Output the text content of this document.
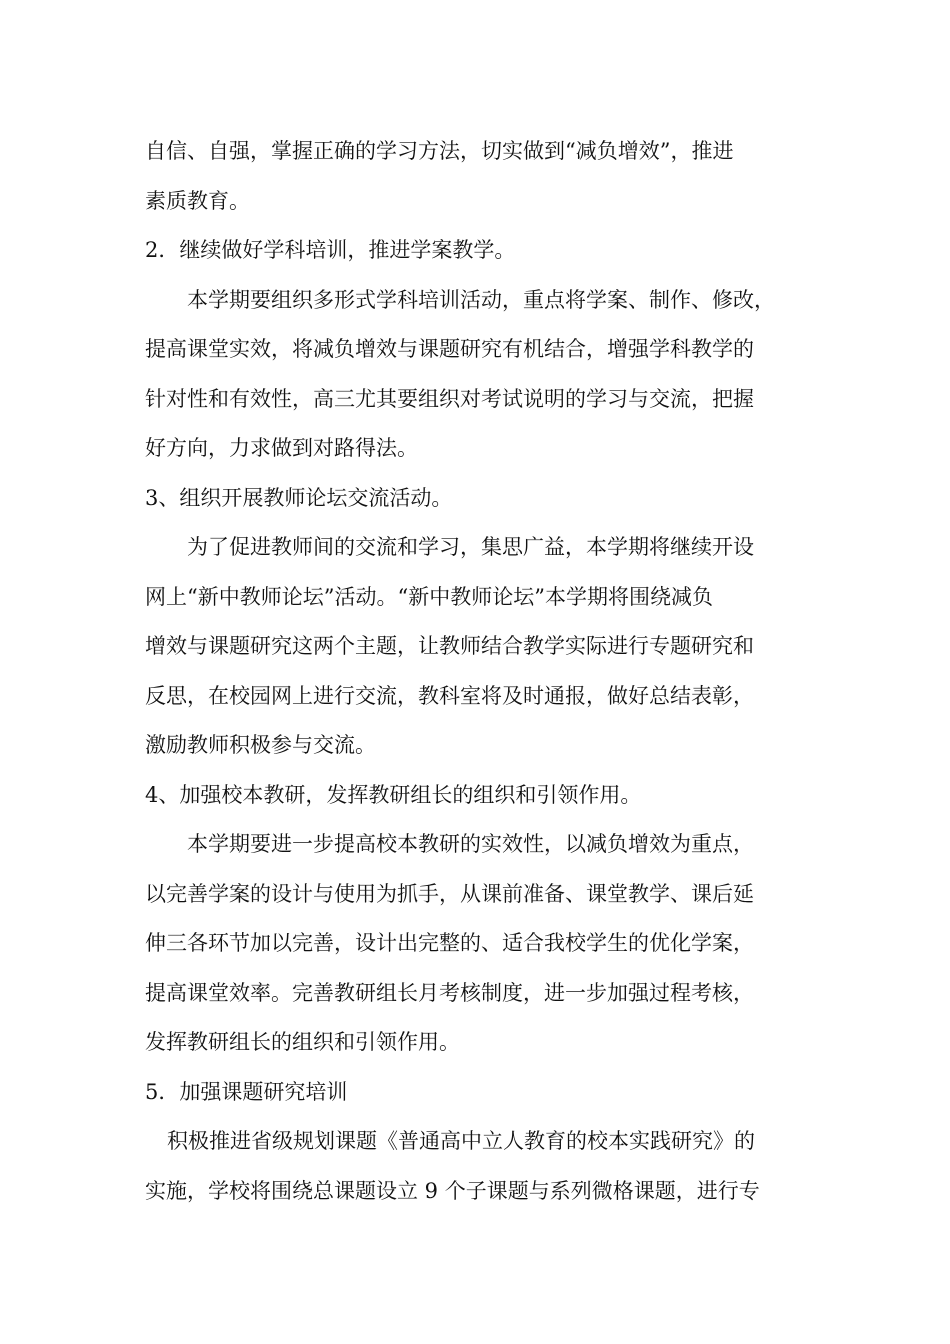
自信、自强，掌握正确的学习方法，切实做到“减负增效”，推进
素质教育。
2．继续做好学科培训，推进学案教学。
本学期要组织多形式学科培训活动，重点将学案、制作、修改，
提高课堂实效，将减负增效与课题研究有机结合，增强学科教学的
针对性和有效性，高三尤其要组织对考试说明的学习与交流，把握
好方向，力求做到对路得法。
3、组织开展教师论坛交流活动。
为了促进教师间的交流和学习，集思广益，本学期将继续开设
网上“新中教师论坛”活动。“新中教师论坛”本学期将围绕减负
增效与课题研究这两个主题，让教师结合教学实际进行专题研究和
反思，在校园网上进行交流，教科室将及时通报，做好总结表彰，
激励教师积极参与交流。
4、加强校本教研，发挥教研组长的组织和引领作用。
本学期要进一步提高校本教研的实效性，以减负增效为重点，
以完善学案的设计与使用为抓手，从课前准备、课堂教学、课后延
伸三各环节加以完善，设计出完整的、适合我校学生的优化学案，
提高课堂效率。完善教研组长月考核制度，进一步加强过程考核，
发挥教研组长的组织和引领作用。
5．加强课题研究培训
积极推进省级规划课题《普通高中立人教育的校本实践研究》的
实施，学校将围绕总课题设立 9 个子课题与系列微格课题，进行专
